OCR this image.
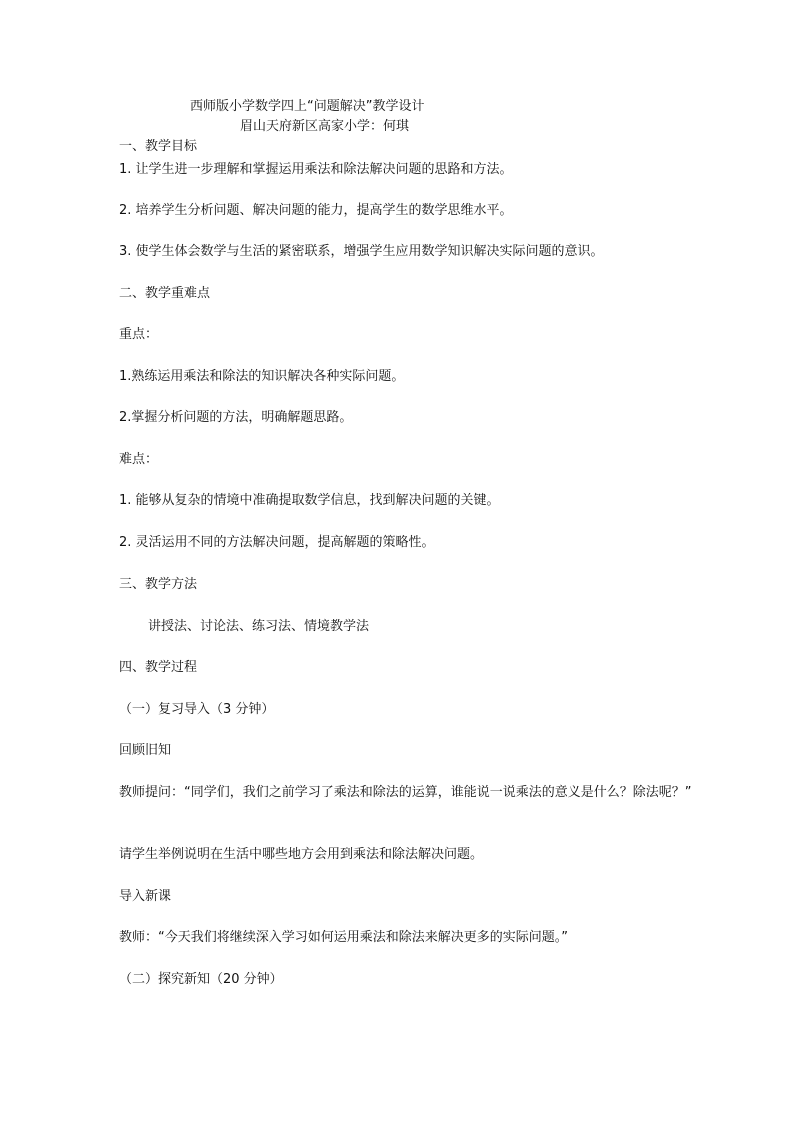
西师版小学数学四上“问题解决”教学设计
眉山天府新区高家小学：何琪
一、教学目标
1. 让学生进一步理解和掌握运用乘法和除法解决问题的思路和方法。
2. 培养学生分析问题、解决问题的能力，提高学生的数学思维水平。
3. 使学生体会数学与生活的紧密联系，增强学生应用数学知识解决实际问题的意识。
二、教学重难点
重点：
1.熟练运用乘法和除法的知识解决各种实际问题。
2.掌握分析问题的方法，明确解题思路。
难点：
1. 能够从复杂的情境中准确提取数学信息，找到解决问题的关键。
2. 灵活运用不同的方法解决问题，提高解题的策略性。
三、教学方法
讲授法、讨论法、练习法、情境教学法
四、教学过程
（一）复习导入（3 分钟）
回顾旧知
教师提问：“同学们，我们之前学习了乘法和除法的运算，谁能说一说乘法的意义是什么？除法呢？”
请学生举例说明在生活中哪些地方会用到乘法和除法解决问题。
导入新课
教师：“今天我们将继续深入学习如何运用乘法和除法来解决更多的实际问题。”
（二）探究新知（20 分钟）
